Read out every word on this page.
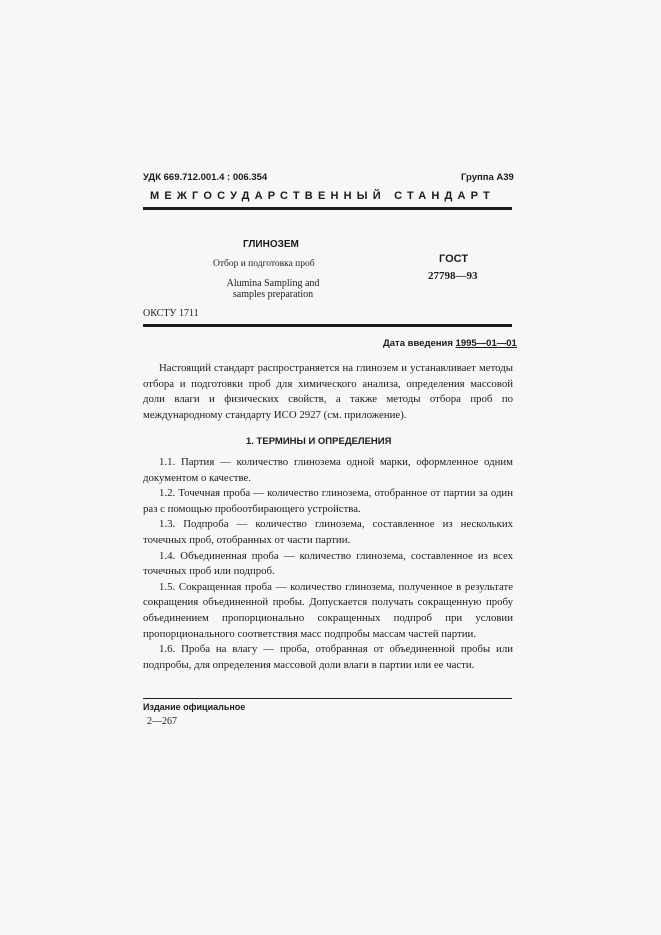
УДК 669.712.001.4 : 006.354	Группа А39
МЕЖГОСУДАРСТВЕННЫЙ СТАНДАРТ
ГЛИНОЗЕМ
Отбор и подготовка проб
Alumina Sampling and
samples preparation
ГОСТ
27798—93
ОКСТУ 1711
Дата введения 1995—01—01

Настоящий стандарт распространяется на глинозем и устанавливает методы отбора и подготовки проб для химического анализа, определения массовой доли влаги и физических свойств, а также методы отбора проб по международному стандарту ИСО 2927 (см. приложение).

1. ТЕРМИНЫ И ОПРЕДЕЛЕНИЯ

1.1. Партия — количество глинозема одной марки, оформленное одним документом о качестве.

1.2. Точечная проба — количество глинозема, отобранное от партии за один раз с помощью пробоотбирающего устройства.

1.3. Подпроба — количество глинозема, составленное из нескольких точечных проб, отобранных от части партии.

1.4. Объединенная проба — количество глинозема, составленное из всех точечных проб или подпроб.

1.5. Сокращенная проба — количество глинозема, полученное в результате сокращения объединенной пробы. Допускается получать сокращенную пробу объединением пропорционально сокращенных подпроб при условии пропорционального соответствия масс подпробы массам частей партии.

1.6. Проба на влагу — проба, отобранная от объединенной пробы или подпробы, для определения массовой доли влаги в партии или ее части.

Издание официальное
2—267
